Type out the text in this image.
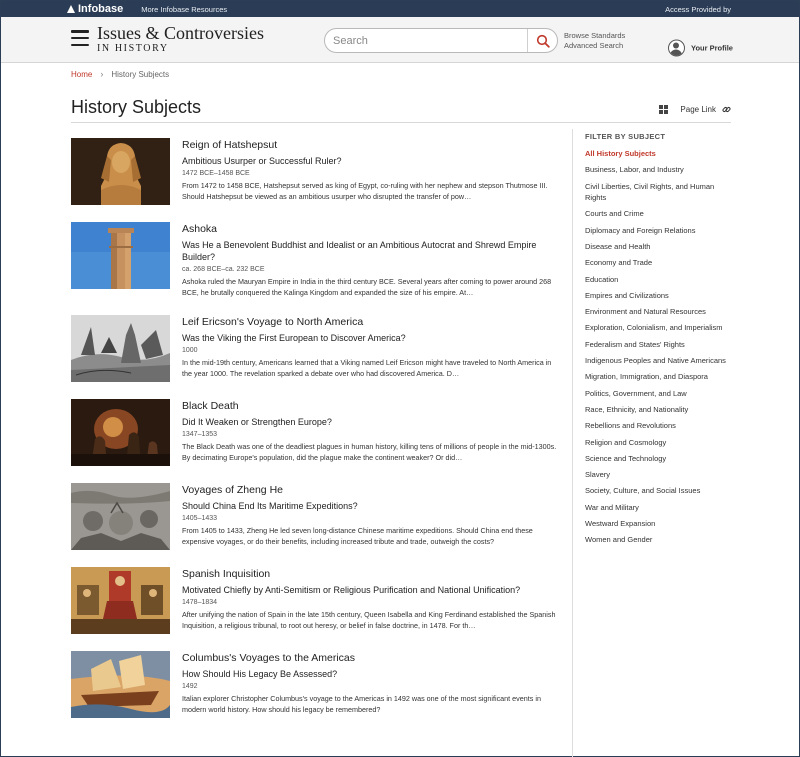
Infobase More Infobase Resources	Access Provided by
Issues & Controversies
IN HISTORY
Search
Browse Standards
Advanced Search	Your Profile
Home › History Subjects
History Subjects	Page Link
Reign of Hatshepsut
Ambitious Usurper or Successful Ruler?
1472 BCE–1458 BCE
From 1472 to 1458 BCE, Hatshepsut served as king of Egypt, co-ruling with her nephew and stepson Thutmose III. Should Hatshepsut be viewed as an ambitious usurper who disrupted the transfer of pow…
Ashoka
Was He a Benevolent Buddhist and Idealist or an Ambitious Autocrat and Shrewd Empire Builder?
ca. 268 BCE–ca. 232 BCE
Ashoka ruled the Mauryan Empire in India in the third century BCE. Several years after coming to power around 268 BCE, he brutally conquered the Kalinga Kingdom and expanded the size of his empire. At…
Leif Ericson's Voyage to North America
Was the Viking the First European to Discover America?
1000
In the mid-19th century, Americans learned that a Viking named Leif Ericson might have traveled to North America in the year 1000. The revelation sparked a debate over who had discovered America. D…
Black Death
Did It Weaken or Strengthen Europe?
1347–1353
The Black Death was one of the deadliest plagues in human history, killing tens of millions of people in the mid-1300s. By decimating Europe's population, did the plague make the continent weaker? Or did…
Voyages of Zheng He
Should China End Its Maritime Expeditions?
1405–1433
From 1405 to 1433, Zheng He led seven long-distance Chinese maritime expeditions. Should China end these expensive voyages, or do their benefits, including increased tribute and trade, outweigh the costs?
Spanish Inquisition
Motivated Chiefly by Anti-Semitism or Religious Purification and National Unification?
1478–1834
After unifying the nation of Spain in the late 15th century, Queen Isabella and King Ferdinand established the Spanish Inquisition, a religious tribunal, to root out heresy, or belief in false doctrine, in 1478. For th…
Columbus's Voyages to the Americas
How Should His Legacy Be Assessed?
1492
Italian explorer Christopher Columbus's voyage to the Americas in 1492 was one of the most significant events in modern world history. How should his legacy be remembered?
FILTER BY SUBJECT
All History Subjects
Business, Labor, and Industry
Civil Liberties, Civil Rights, and Human Rights
Courts and Crime
Diplomacy and Foreign Relations
Disease and Health
Economy and Trade
Education
Empires and Civilizations
Environment and Natural Resources
Exploration, Colonialism, and Imperialism
Federalism and States' Rights
Indigenous Peoples and Native Americans
Migration, Immigration, and Diaspora
Politics, Government, and Law
Race, Ethnicity, and Nationality
Rebellions and Revolutions
Religion and Cosmology
Science and Technology
Slavery
Society, Culture, and Social Issues
War and Military
Westward Expansion
Women and Gender
